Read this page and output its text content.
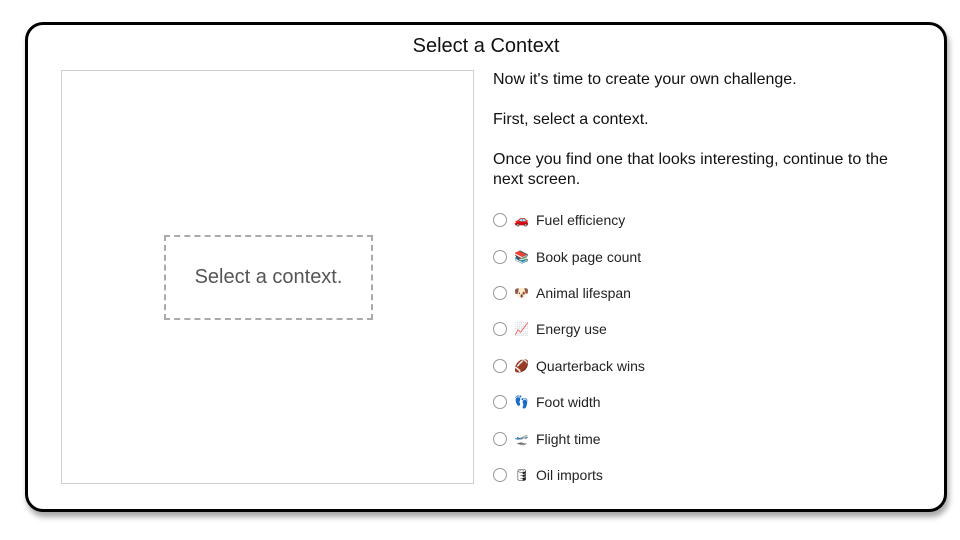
Select a Context
Select a context.

Now it's time to create your own challenge.

First, select a context.

Once you find one that looks interesting, continue to the next screen.

🚗 Fuel efficiency
📚 Book page count
🐶 Animal lifespan
📈 Energy use
🏈 Quarterback wins
👣 Foot width
🛫 Flight time
🛢 Oil imports
